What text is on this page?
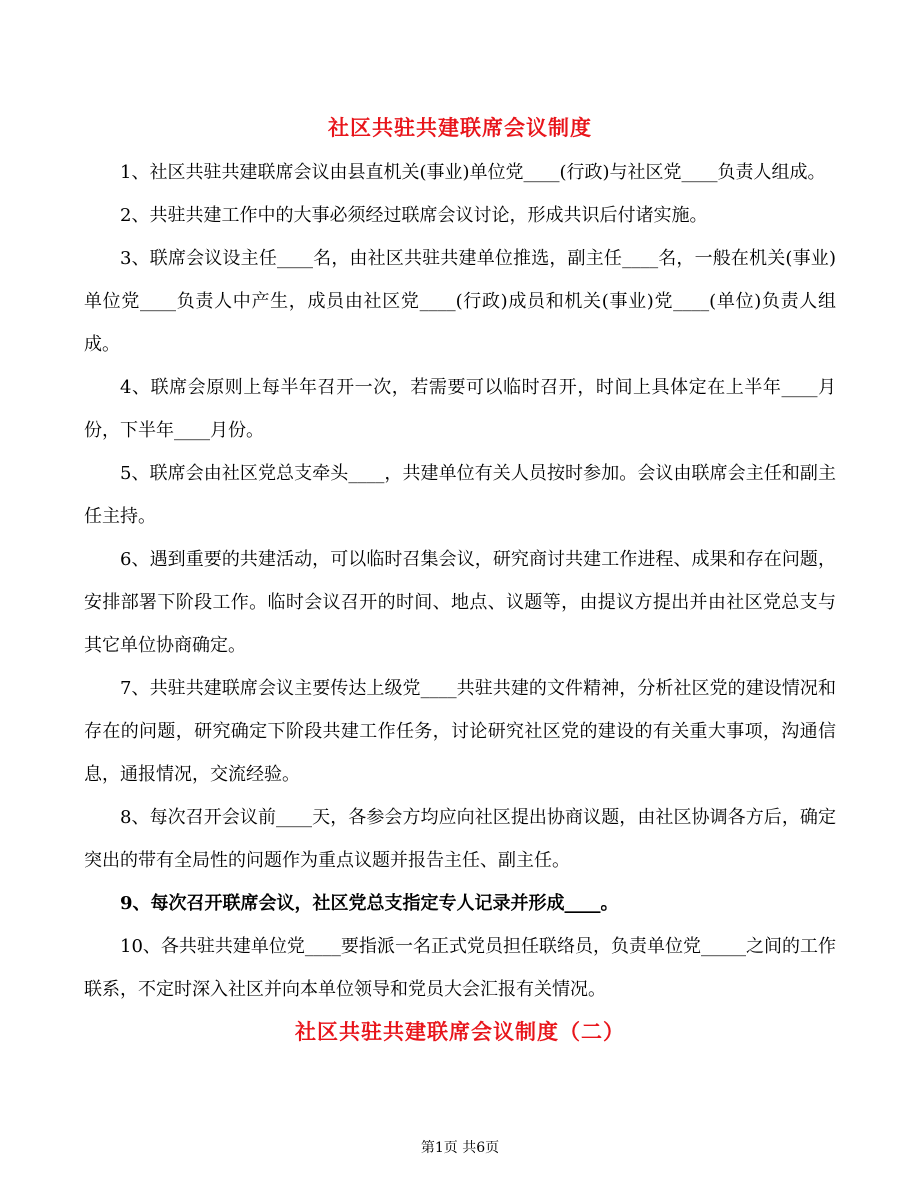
社区共驻共建联席会议制度

1、社区共驻共建联席会议由县直机关(事业)单位党____(行政)与社区党____负责人组成。

2、共驻共建工作中的大事必须经过联席会议讨论，形成共识后付诸实施。

3、联席会议设主任____名，由社区共驻共建单位推选，副主任____名，一般在机关(事业)单位党____负责人中产生，成员由社区党____(行政)成员和机关(事业)党____(单位)负责人组成。

4、联席会原则上每半年召开一次，若需要可以临时召开，时间上具体定在上半年____月份，下半年____月份。

5、联席会由社区党总支牵头____，共建单位有关人员按时参加。会议由联席会主任和副主任主持。

6、遇到重要的共建活动，可以临时召集会议，研究商讨共建工作进程、成果和存在问题，安排部署下阶段工作。临时会议召开的时间、地点、议题等，由提议方提出并由社区党总支与其它单位协商确定。

7、共驻共建联席会议主要传达上级党____共驻共建的文件精神，分析社区党的建设情况和存在的问题，研究确定下阶段共建工作任务，讨论研究社区党的建设的有关重大事项，沟通信息，通报情况，交流经验。

8、每次召开会议前____天，各参会方均应向社区提出协商议题，由社区协调各方后，确定突出的带有全局性的问题作为重点议题并报告主任、副主任。

9、每次召开联席会议，社区党总支指定专人记录并形成____。

10、各共驻共建单位党____要指派一名正式党员担任联络员，负责单位党_____之间的工作联系，不定时深入社区并向本单位领导和党员大会汇报有关情况。

社区共驻共建联席会议制度（二）
第1页 共6页
